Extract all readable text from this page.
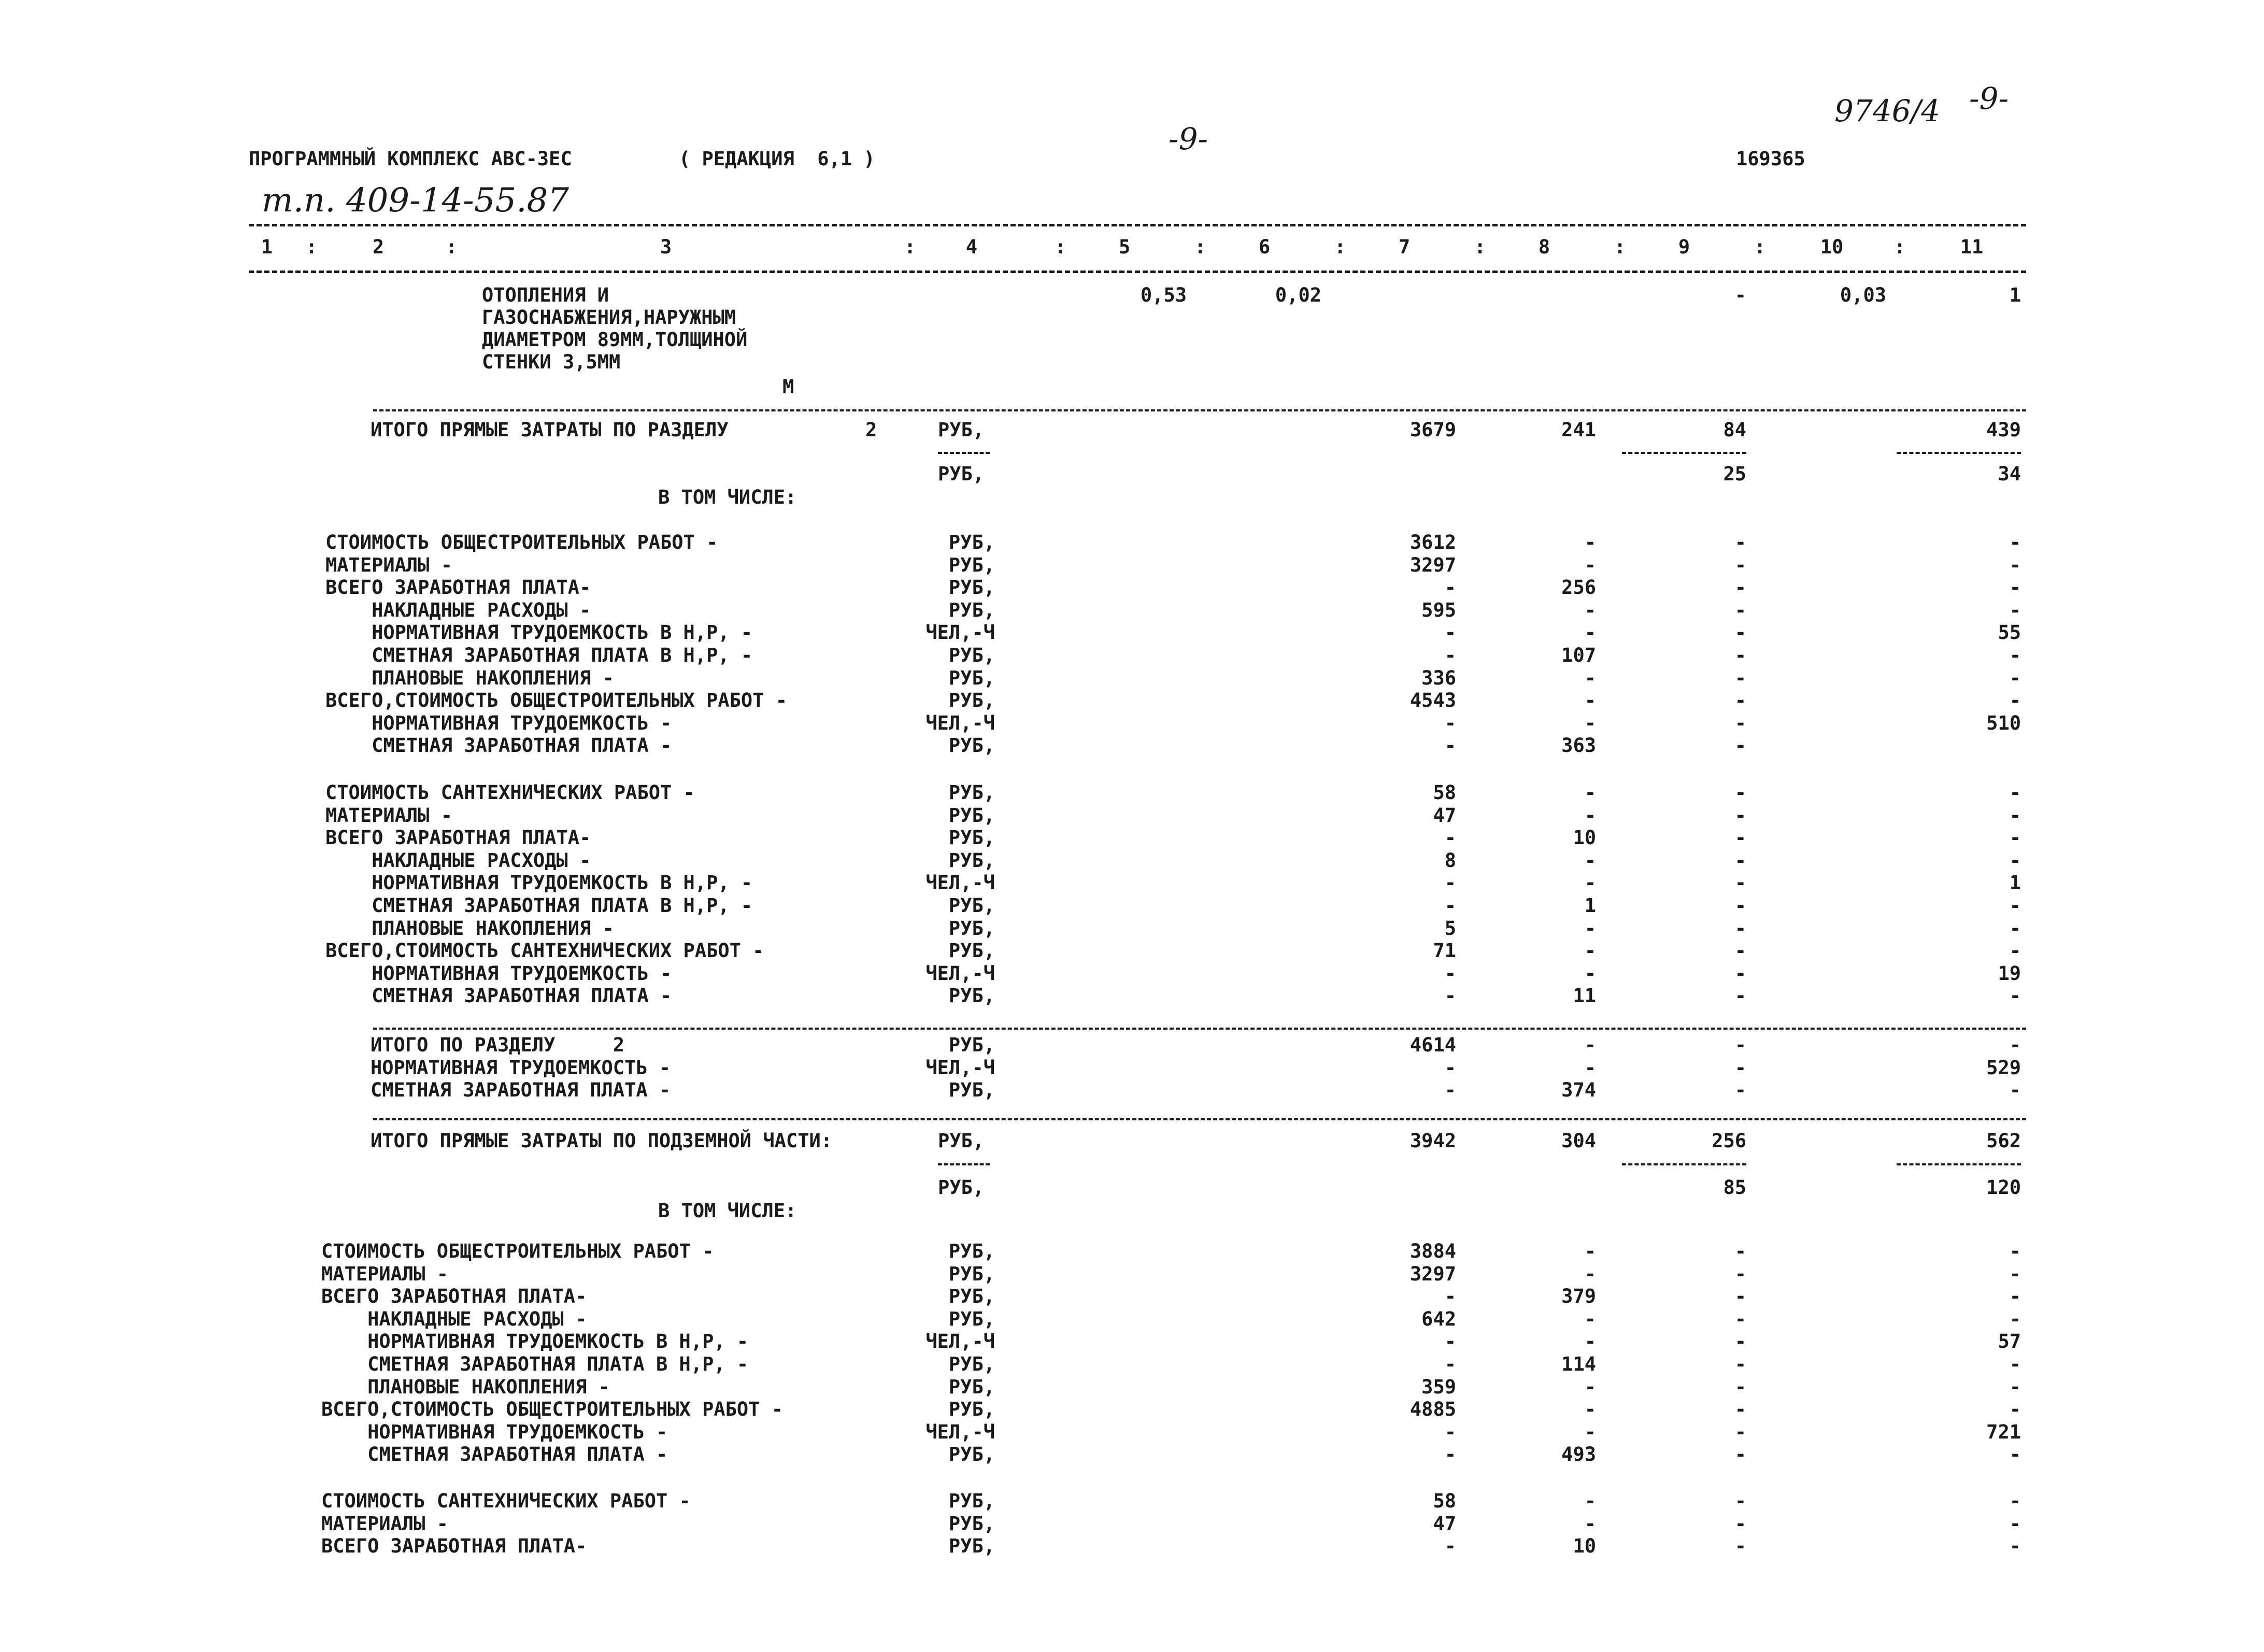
9746/4 -9-
-9-
ПРОГРАММНЫЙ КОМПЛЕКС АВС-3ЕС	( РЕДАКЦИЯ  6,1 )	169365
т.п. 409-14-55.87
1	2	3	4	5	6	7	8	9	10	11
:	:	:	:	:	:	:	:	:	:
ОТОПЛЕНИЯ И
ГАЗОСНАБЖЕНИЯ,НАРУЖНЫМ
ДИАМЕТРОМ 89ММ,ТОЛЩИНОЙ
СТЕНКИ 3,5ММ
М
0,53	0,02	-	0,03	1
ИТОГО ПРЯМЫЕ ЗАТРАТЫ ПО РАЗДЕЛУ	2	РУБ,	3679	241	84	439
РУБ,	25	34
В ТОМ ЧИСЛЕ:
СТОИМОСТЬ ОБЩЕСТРОИТЕЛЬНЫХ РАБОТ -	РУБ,	3612	-	-	-
МАТЕРИАЛЫ -	РУБ,	3297	-	-	-
ВСЕГО ЗАРАБОТНАЯ ПЛАТА-	РУБ,	-	256	-	-
НАКЛАДНЫЕ РАСХОДЫ -	РУБ,	595	-	-	-
НОРМАТИВНАЯ ТРУДОЕМКОСТЬ В Н,Р, -	ЧЕЛ,-Ч	-	-	-	55
СМЕТНАЯ ЗАРАБОТНАЯ ПЛАТА В Н,Р, -	РУБ,	-	107	-	-
ПЛАНОВЫЕ НАКОПЛЕНИЯ -	РУБ,	336	-	-	-
ВСЕГО,СТОИМОСТЬ ОБЩЕСТРОИТЕЛЬНЫХ РАБОТ -	РУБ,	4543	-	-	-
НОРМАТИВНАЯ ТРУДОЕМКОСТЬ -	ЧЕЛ,-Ч	-	-	-	510
СМЕТНАЯ ЗАРАБОТНАЯ ПЛАТА -	РУБ,	-	363	-
СТОИМОСТЬ САНТЕХНИЧЕСКИХ РАБОТ -	РУБ,	58	-	-	-
МАТЕРИАЛЫ -	РУБ,	47	-	-	-
ВСЕГО ЗАРАБОТНАЯ ПЛАТА-	РУБ,	-	10	-	-
НАКЛАДНЫЕ РАСХОДЫ -	РУБ,	8	-	-	-
НОРМАТИВНАЯ ТРУДОЕМКОСТЬ В Н,Р, -	ЧЕЛ,-Ч	-	-	-	1
СМЕТНАЯ ЗАРАБОТНАЯ ПЛАТА В Н,Р, -	РУБ,	-	1	-	-
ПЛАНОВЫЕ НАКОПЛЕНИЯ -	РУБ,	5	-	-	-
ВСЕГО,СТОИМОСТЬ САНТЕХНИЧЕСКИХ РАБОТ -	РУБ,	71	-	-	-
НОРМАТИВНАЯ ТРУДОЕМКОСТЬ -	ЧЕЛ,-Ч	-	-	-	19
СМЕТНАЯ ЗАРАБОТНАЯ ПЛАТА -	РУБ,	-	11	-	-
ИТОГО ПО РАЗДЕЛУ     2	РУБ,	4614	-	-	-
НОРМАТИВНАЯ ТРУДОЕМКОСТЬ -	ЧЕЛ,-Ч	-	-	-	529
СМЕТНАЯ ЗАРАБОТНАЯ ПЛАТА -	РУБ,	-	374	-	-
ИТОГО ПРЯМЫЕ ЗАТРАТЫ ПО ПОДЗЕМНОЙ ЧАСТИ:	РУБ,	3942	304	256	562
РУБ,	85	120
В ТОМ ЧИСЛЕ:
СТОИМОСТЬ ОБЩЕСТРОИТЕЛЬНЫХ РАБОТ -	РУБ,	3884	-	-	-
МАТЕРИАЛЫ -	РУБ,	3297	-	-	-
ВСЕГО ЗАРАБОТНАЯ ПЛАТА-	РУБ,	-	379	-	-
НАКЛАДНЫЕ РАСХОДЫ -	РУБ,	642	-	-	-
НОРМАТИВНАЯ ТРУДОЕМКОСТЬ В Н,Р, -	ЧЕЛ,-Ч	-	-	-	57
СМЕТНАЯ ЗАРАБОТНАЯ ПЛАТА В Н,Р, -	РУБ,	-	114	-	-
ПЛАНОВЫЕ НАКОПЛЕНИЯ -	РУБ,	359	-	-	-
ВСЕГО,СТОИМОСТЬ ОБЩЕСТРОИТЕЛЬНЫХ РАБОТ -	РУБ,	4885	-	-	-
НОРМАТИВНАЯ ТРУДОЕМКОСТЬ -	ЧЕЛ,-Ч	-	-	-	721
СМЕТНАЯ ЗАРАБОТНАЯ ПЛАТА -	РУБ,	-	493	-	-
СТОИМОСТЬ САНТЕХНИЧЕСКИХ РАБОТ -	РУБ,	58	-	-	-
МАТЕРИАЛЫ -	РУБ,	47	-	-	-
ВСЕГО ЗАРАБОТНАЯ ПЛАТА-	РУБ,	-	10	-	-
